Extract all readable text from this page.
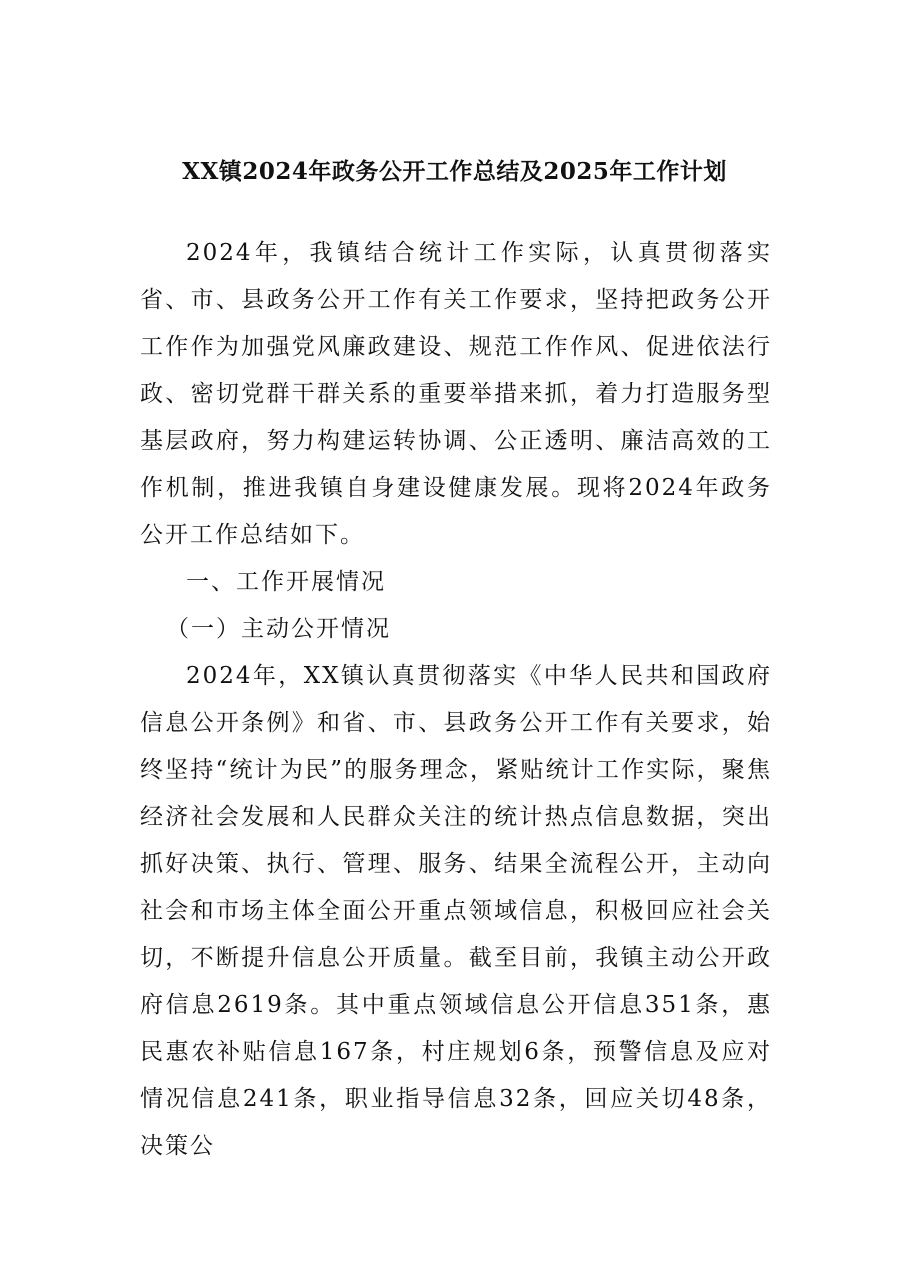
XX镇2024年政务公开工作总结及2025年工作计划

2024年，我镇结合统计工作实际，认真贯彻落实省、市、县政务公开工作有关工作要求，坚持把政务公开工作作为加强党风廉政建设、规范工作作风、促进依法行政、密切党群干群关系的重要举措来抓，着力打造服务型基层政府，努力构建运转协调、公正透明、廉洁高效的工作机制，推进我镇自身建设健康发展。现将2024年政务公开工作总结如下。

一、工作开展情况

（一）主动公开情况

2024年，XX镇认真贯彻落实《中华人民共和国政府信息公开条例》和省、市、县政务公开工作有关要求，始终坚持“统计为民”的服务理念，紧贴统计工作实际，聚焦经济社会发展和人民群众关注的统计热点信息数据，突出抓好决策、执行、管理、服务、结果全流程公开，主动向社会和市场主体全面公开重点领域信息，积极回应社会关切，不断提升信息公开质量。截至目前，我镇主动公开政府信息2619条。其中重点领域信息公开信息351条，惠民惠农补贴信息167条，村庄规划6条，预警信息及应对情况信息241条，职业指导信息32条，回应关切48条，决策公
